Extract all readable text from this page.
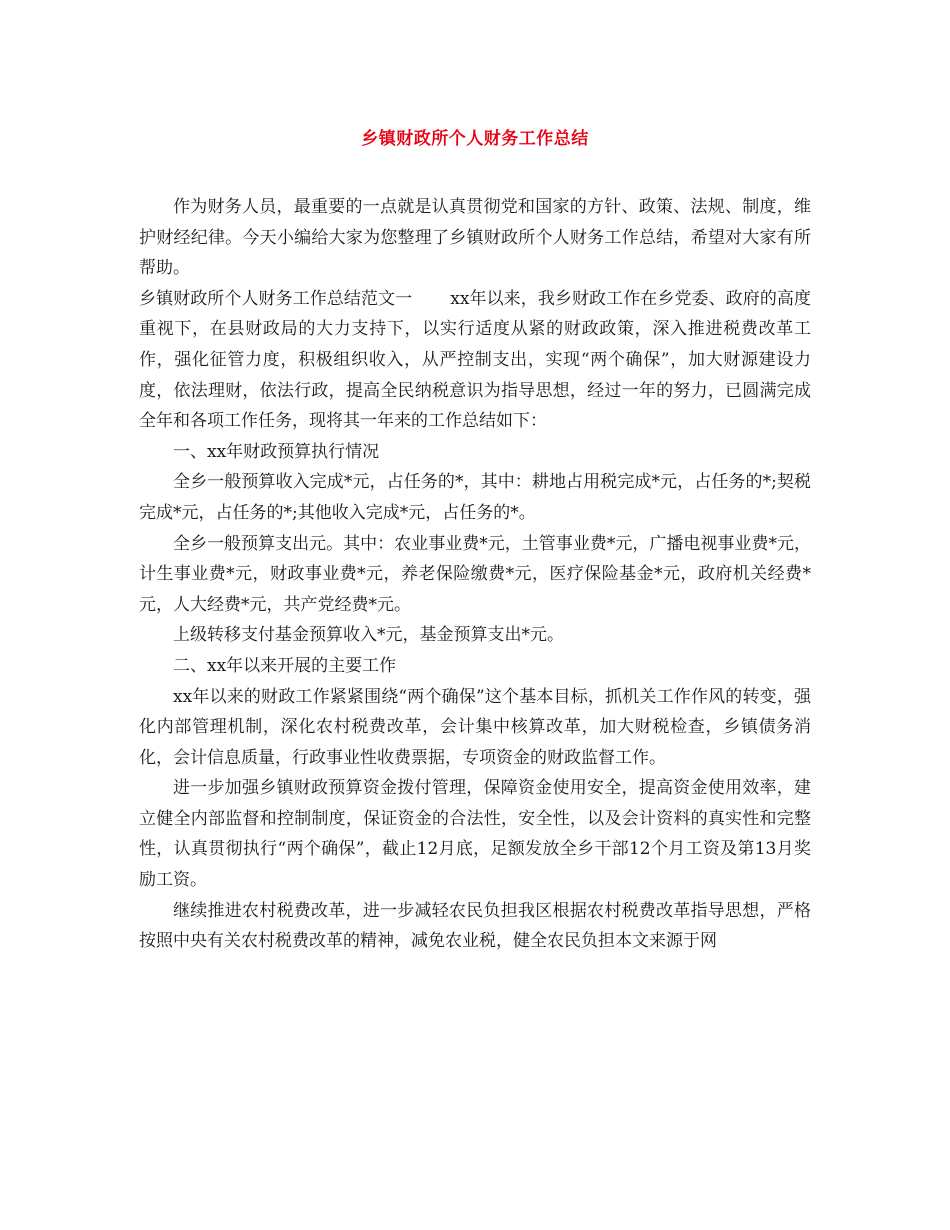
乡镇财政所个人财务工作总结

作为财务人员，最重要的一点就是认真贯彻党和国家的方针、政策、法规、制度，维护财经纪律。今天小编给大家为您整理了乡镇财政所个人财务工作总结，希望对大家有所帮助。

乡镇财政所个人财务工作总结范文一 xx年以来，我乡财政工作在乡党委、政府的高度重视下，在县财政局的大力支持下，以实行适度从紧的财政政策，深入推进税费改革工作，强化征管力度，积极组织收入，从严控制支出，实现“两个确保”，加大财源建设力度，依法理财，依法行政，提高全民纳税意识为指导思想，经过一年的努力，已圆满完成全年和各项工作任务，现将其一年来的工作总结如下：

一、xx年财政预算执行情况

全乡一般预算收入完成*元，占任务的*，其中：耕地占用税完成*元，占任务的*;契税完成*元，占任务的*;其他收入完成*元，占任务的*。

全乡一般预算支出元。其中：农业事业费*元，土管事业费*元，广播电视事业费*元，计生事业费*元，财政事业费*元，养老保险缴费*元，医疗保险基金*元，政府机关经费*元，人大经费*元，共产党经费*元。

上级转移支付基金预算收入*元，基金预算支出*元。

二、xx年以来开展的主要工作

xx年以来的财政工作紧紧围绕“两个确保”这个基本目标，抓机关工作作风的转变，强化内部管理机制，深化农村税费改革，会计集中核算改革，加大财税检查，乡镇债务消化，会计信息质量，行政事业性收费票据，专项资金的财政监督工作。

进一步加强乡镇财政预算资金拨付管理，保障资金使用安全，提高资金使用效率，建立健全内部监督和控制制度，保证资金的合法性，安全性，以及会计资料的真实性和完整性，认真贯彻执行“两个确保”，截止12月底，足额发放全乡干部12个月工资及第13月奖励工资。

继续推进农村税费改革，进一步减轻农民负担我区根据农村税费改革指导思想，严格按照中央有关农村税费改革的精神，减免农业税，健全农民负担本文来源于网
